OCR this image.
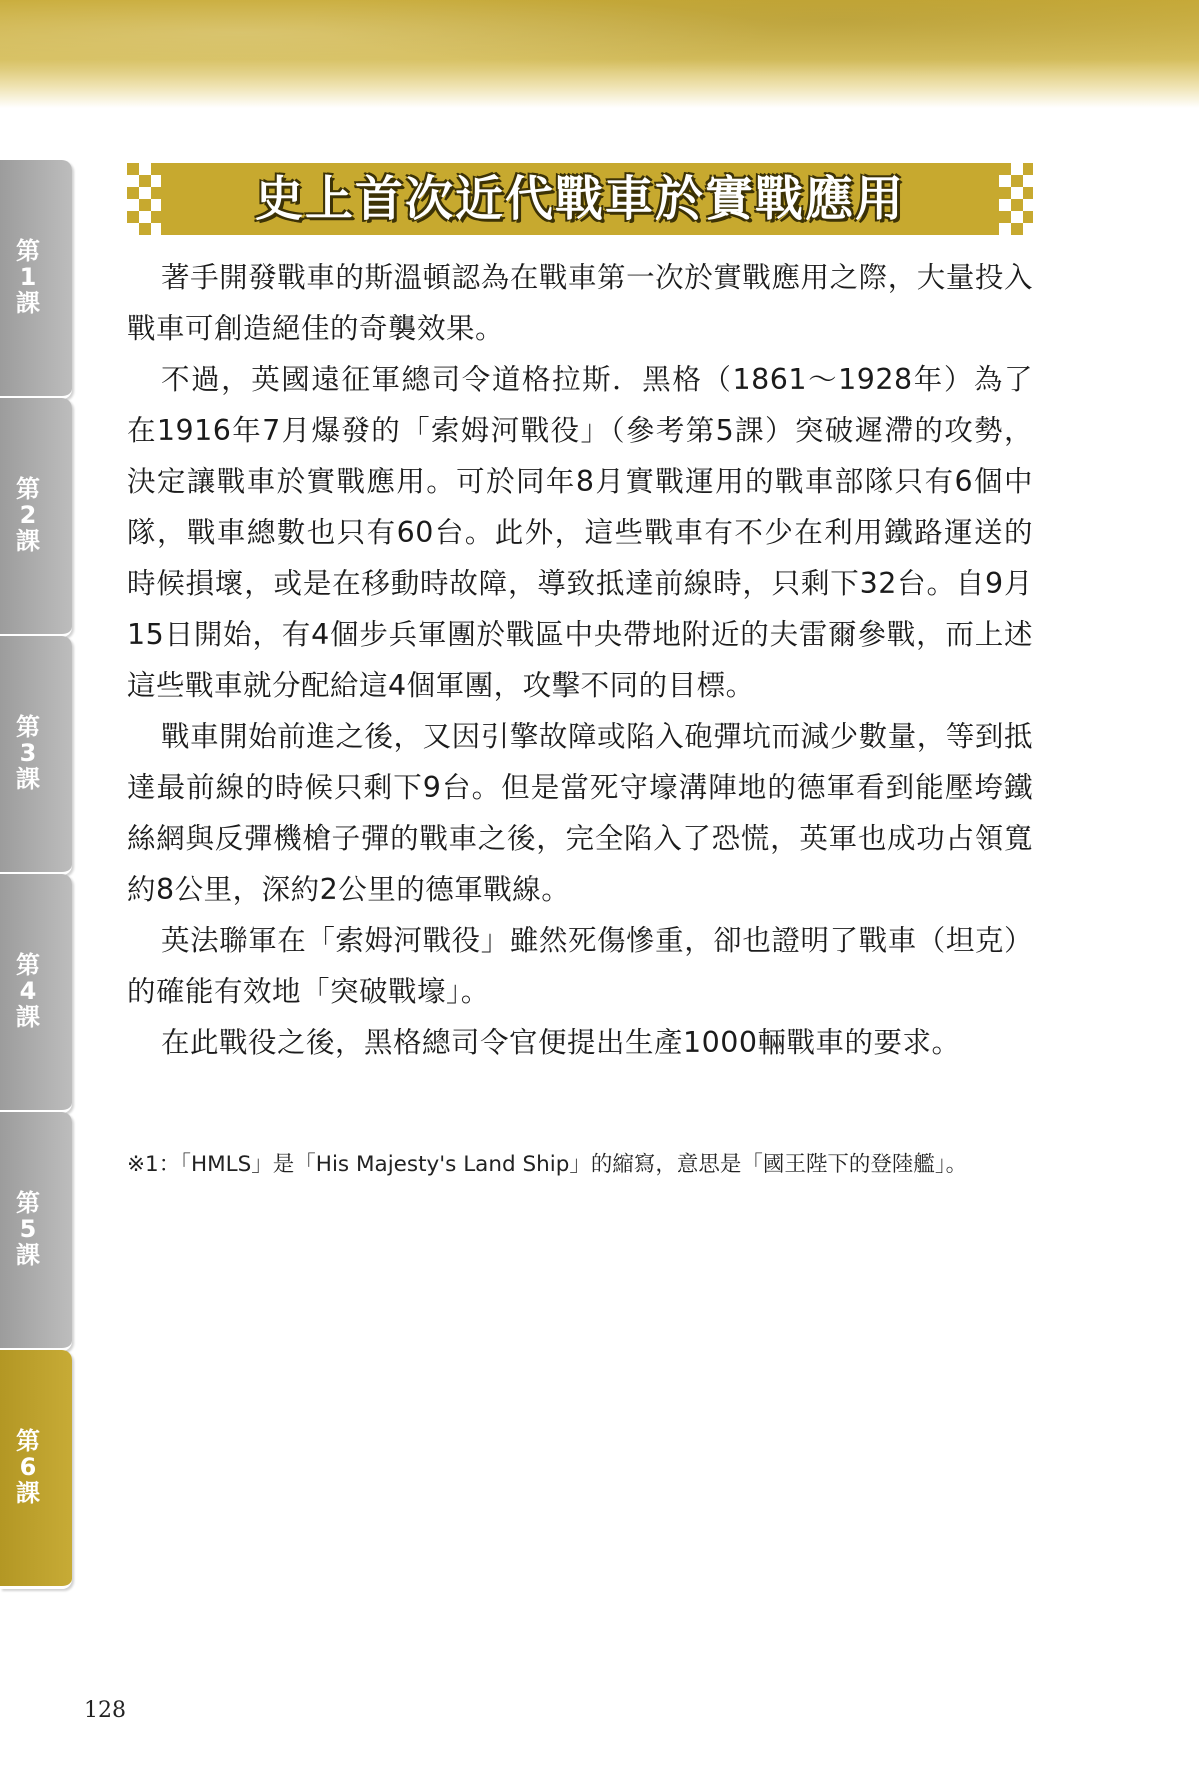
第
1
課
第
2
課
第
3
課
第
4
課
第
5
課
第
6
課
史上首次近代戰車於實戰應用

著手開發戰車的斯溫頓認為在戰車第一次於實戰應用之際，大量投入戰車可創造絕佳的奇襲效果。

不過，英國遠征軍總司令道格拉斯．黑格（1861～1928年）為了在1916年7月爆發的「索姆河戰役」（參考第5課）突破遲滯的攻勢，決定讓戰車於實戰應用。可於同年8月實戰運用的戰車部隊只有6個中隊，戰車總數也只有60台。此外，這些戰車有不少在利用鐵路運送的時候損壞，或是在移動時故障，導致抵達前線時，只剩下32台。自9月15日開始，有4個步兵軍團於戰區中央帶地附近的夫雷爾參戰，而上述這些戰車就分配給這4個軍團，攻擊不同的目標。

戰車開始前進之後，又因引擎故障或陷入砲彈坑而減少數量，等到抵達最前線的時候只剩下9台。但是當死守壕溝陣地的德軍看到能壓垮鐵絲網與反彈機槍子彈的戰車之後，完全陷入了恐慌，英軍也成功占領寬約8公里，深約2公里的德軍戰線。

英法聯軍在「索姆河戰役」雖然死傷慘重，卻也證明了戰車（坦克）的確能有效地「突破戰壕」。

在此戰役之後，黑格總司令官便提出生產1000輛戰車的要求。

※1：「HMLS」是「His Majesty's Land Ship」的縮寫，意思是「國王陛下的登陸艦」。
128
